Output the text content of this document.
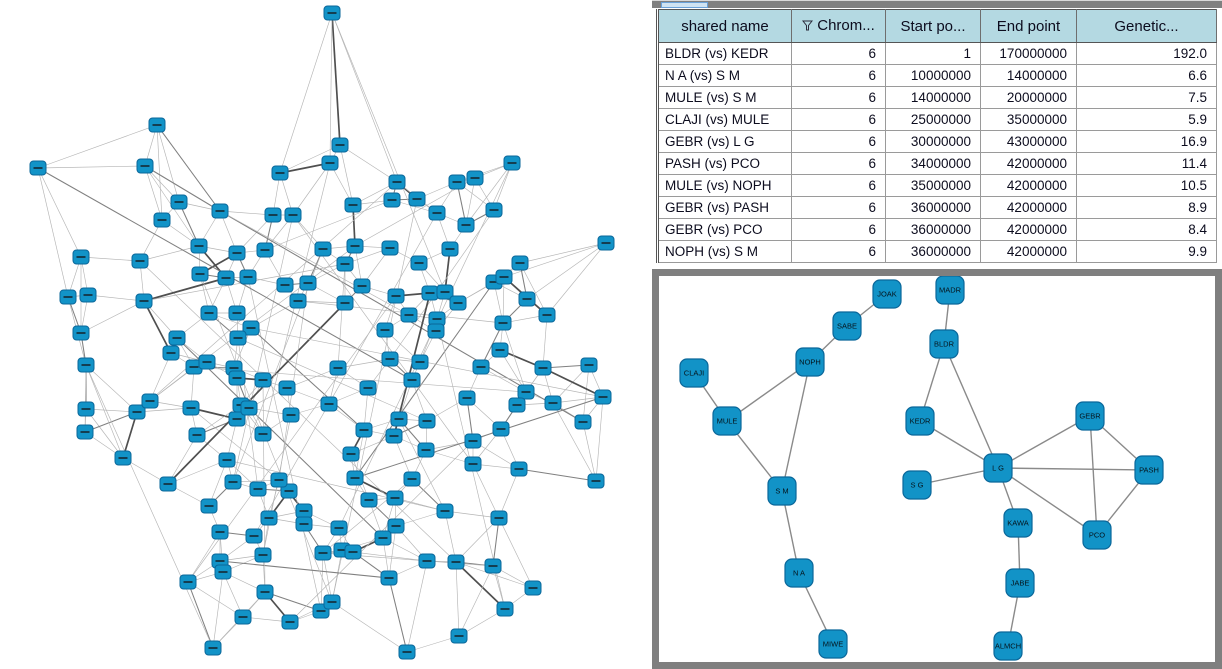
shared name	Chrom...	Start po...	End point	Genetic...
BLDR (vs) KEDR	6	1	170000000	192.0
N A (vs) S M	6	10000000	14000000	6.6
MULE (vs) S M	6	14000000	20000000	7.5
CLAJI (vs) MULE	6	25000000	35000000	5.9
GEBR (vs) L G	6	30000000	43000000	16.9
PASH (vs) PCO	6	34000000	42000000	11.4
MULE (vs) NOPH	6	35000000	42000000	10.5
GEBR (vs) PASH	6	36000000	42000000	8.9
GEBR (vs) PCO	6	36000000	42000000	8.4
NOPH (vs) S M	6	36000000	42000000	9.9
JOAK
SABE
NOPH
CLAJI
MULE
S M
N A
MIWE
MADR
BLDR
KEDR
GEBR
L G
S G
PASH
KAWA
PCO
JABE
ALMCH
